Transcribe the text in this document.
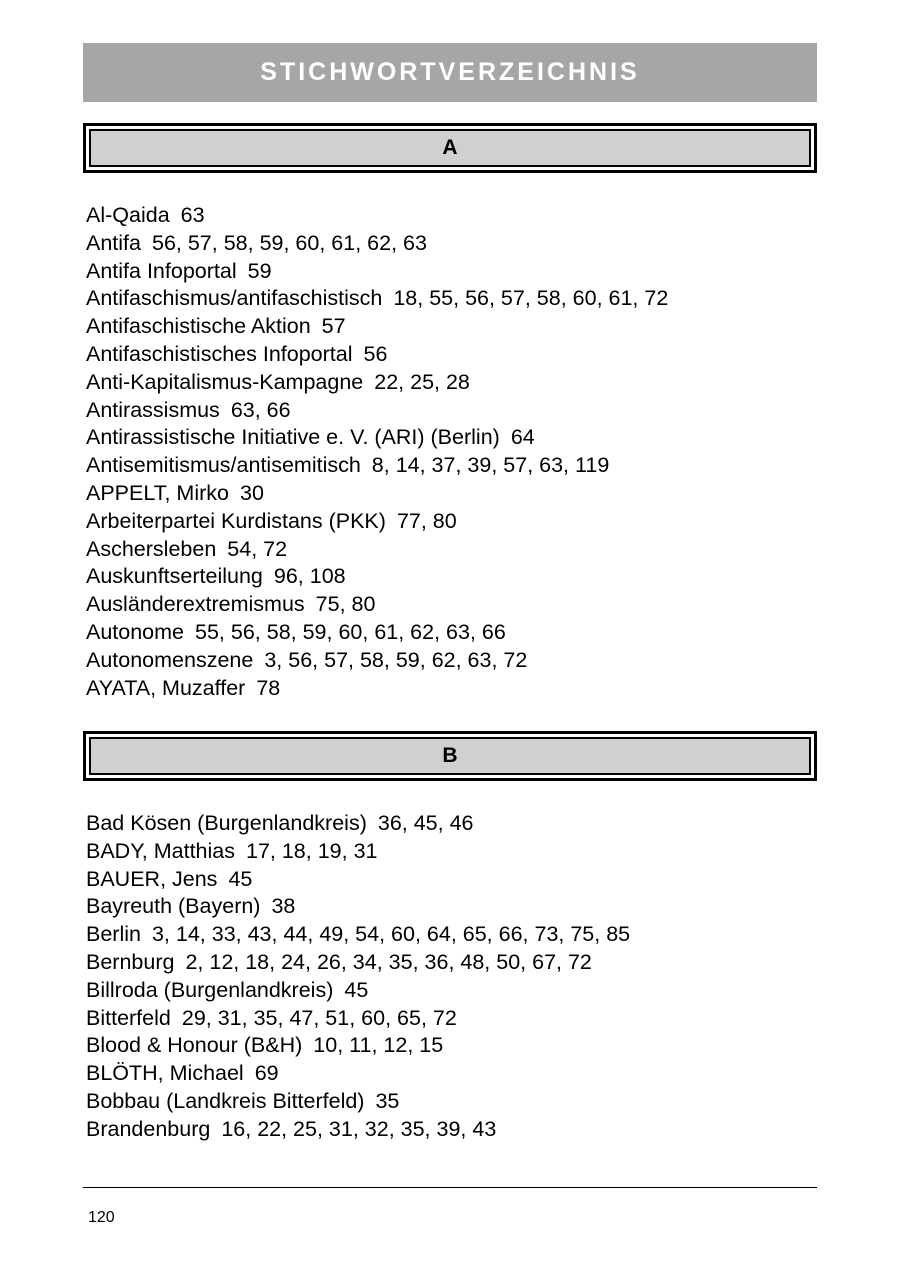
STICHWORTVERZEICHNIS
A
Al-Qaida 63
Antifa 56, 57, 58, 59, 60, 61, 62, 63
Antifa Infoportal 59
Antifaschismus/antifaschistisch 18, 55, 56, 57, 58, 60, 61, 72
Antifaschistische Aktion 57
Antifaschistisches Infoportal 56
Anti-Kapitalismus-Kampagne 22, 25, 28
Antirassismus 63, 66
Antirassistische Initiative e. V. (ARI) (Berlin) 64
Antisemitismus/antisemitisch 8, 14, 37, 39, 57, 63, 119
APPELT, Mirko 30
Arbeiterpartei Kurdistans (PKK) 77, 80
Aschersleben 54, 72
Auskunftserteilung 96, 108
Ausländerextremismus 75, 80
Autonome 55, 56, 58, 59, 60, 61, 62, 63, 66
Autonomenszene 3, 56, 57, 58, 59, 62, 63, 72
AYATA, Muzaffer 78
B
Bad Kösen (Burgenlandkreis) 36, 45, 46
BADY, Matthias 17, 18, 19, 31
BAUER, Jens 45
Bayreuth (Bayern) 38
Berlin 3, 14, 33, 43, 44, 49, 54, 60, 64, 65, 66, 73, 75, 85
Bernburg 2, 12, 18, 24, 26, 34, 35, 36, 48, 50, 67, 72
Billroda (Burgenlandkreis) 45
Bitterfeld 29, 31, 35, 47, 51, 60, 65, 72
Blood & Honour (B&H) 10, 11, 12, 15
BLÖTH, Michael 69
Bobbau (Landkreis Bitterfeld) 35
Brandenburg 16, 22, 25, 31, 32, 35, 39, 43
120
